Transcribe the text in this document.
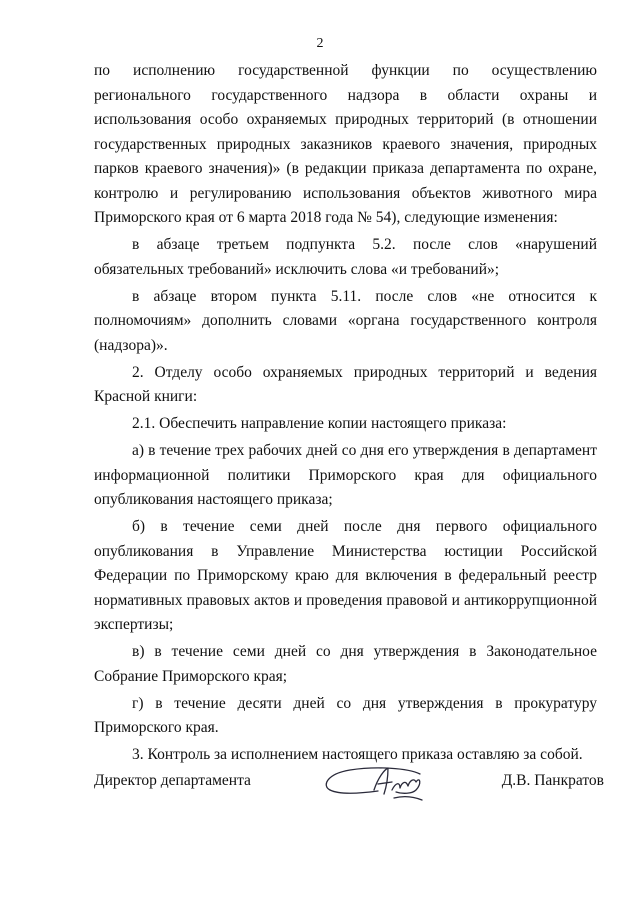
2

по исполнению государственной функции по осуществлению регионального государственного надзора в области охраны и использования особо охраняемых природных территорий (в отношении государственных природных заказников краевого значения, природных парков краевого значения)» (в редакции приказа департамента по охране, контролю и регулированию использования объектов животного мира Приморского края от 6 марта 2018 года № 54), следующие изменения:

в абзаце третьем подпункта 5.2. после слов «нарушений обязательных требований» исключить слова «и требований»;

в абзаце втором пункта 5.11. после слов «не относится к полномочиям» дополнить словами «органа государственного контроля (надзора)».

2. Отделу особо охраняемых природных территорий и ведения Красной книги:

2.1. Обеспечить направление копии настоящего приказа:

а) в течение трех рабочих дней со дня его утверждения в департамент информационной политики Приморского края для официального опубликования настоящего приказа;

б) в течение семи дней после дня первого официального опубликования в Управление Министерства юстиции Российской Федерации по Приморскому краю для включения в федеральный реестр нормативных правовых актов и проведения правовой и антикоррупционной экспертизы;

в) в течение семи дней со дня утверждения в Законодательное Собрание Приморского края;

г) в течение десяти дней со дня утверждения в прокуратуру Приморского края.

3. Контроль за исполнением настоящего приказа оставляю за собой.

Директор департамента	Д.В. Панкратов
